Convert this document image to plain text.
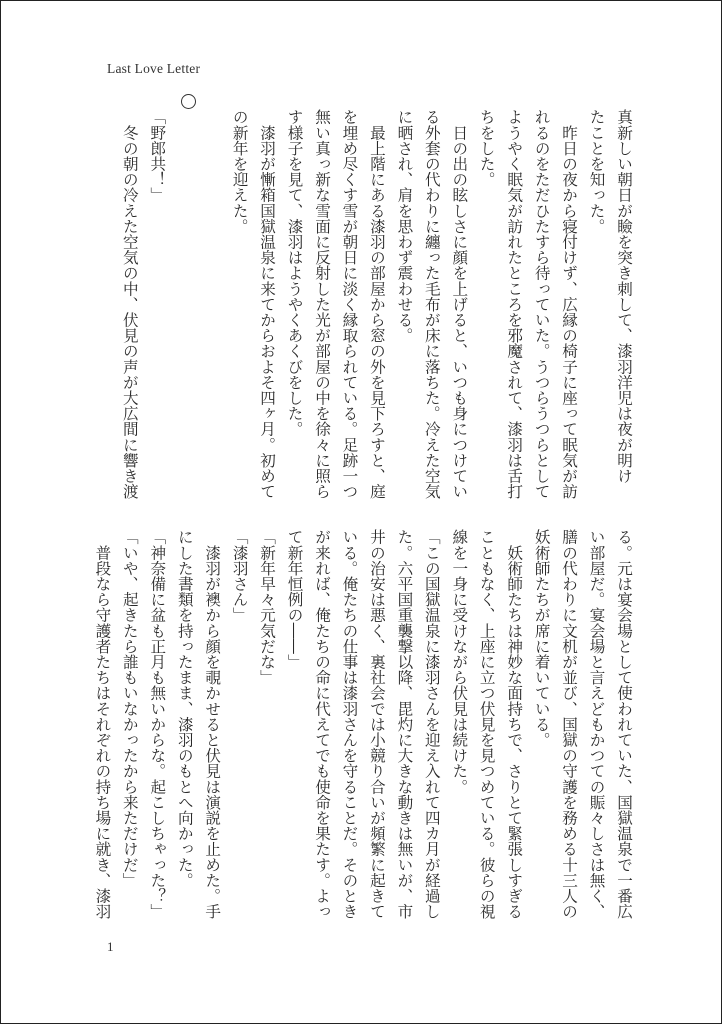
Last Love Letter
真新しい朝日が瞼を突き刺して、漆羽洋児は夜が明け
たことを知った。
　昨日の夜から寝付けず、広縁の椅子に座って眠気が訪
れるのをただひたすら待っていた。うつらうつらとして
ようやく眠気が訪れたところを邪魔されて、漆羽は舌打
ちをした。
　日の出の眩しさに顔を上げると、いつも身につけてい
る外套の代わりに纏った毛布が床に落ちた。冷えた空気
に晒され、肩を思わず震わせる。
　最上階にある漆羽の部屋から窓の外を見下ろすと、庭
を埋め尽くす雪が朝日に淡く縁取られている。足跡一つ
無い真っ新な雪面に反射した光が部屋の中を徐々に照ら
す様子を見て、漆羽はようやくあくびをした。
　漆羽が慚箱国獄温泉に来てからおよそ四ヶ月。初めて
の新年を迎えた。

「野郎共！」
　冬の朝の冷えた空気の中、伏見の声が大広間に響き渡
る。元は宴会場として使われていた、国獄温泉で一番広
い部屋だ。宴会場と言えどもかつての賑々しさは無く、
膳の代わりに文机が並び、国獄の守護を務める十三人の
妖術師たちが席に着いている。
　妖術師たちは神妙な面持ちで、さりとて緊張しすぎる
こともなく、上座に立つ伏見を見つめている。彼らの視
線を一身に受けながら伏見は続けた。
「この国獄温泉に漆羽さんを迎え入れて四カ月が経過し
た。六平国重襲撃以降、毘灼に大きな動きは無いが、市
井の治安は悪く、裏社会では小競り合いが頻繁に起きて
いる。俺たちの仕事は漆羽さんを守ることだ。そのとき
が来れば、俺たちの命に代えてでも使命を果たす。よっ
て新年恒例の――」
「新年早々元気だな」
「漆羽さん」
　漆羽が襖から顔を覗かせると伏見は演説を止めた。手
にした書類を持ったまま、漆羽のもとへ向かった。
「神奈備に盆も正月も無いからな。起こしちゃった？」
「いや、起きたら誰もいなかったから来ただけだ」
　普段なら守護者たちはそれぞれの持ち場に就き、漆羽
1
